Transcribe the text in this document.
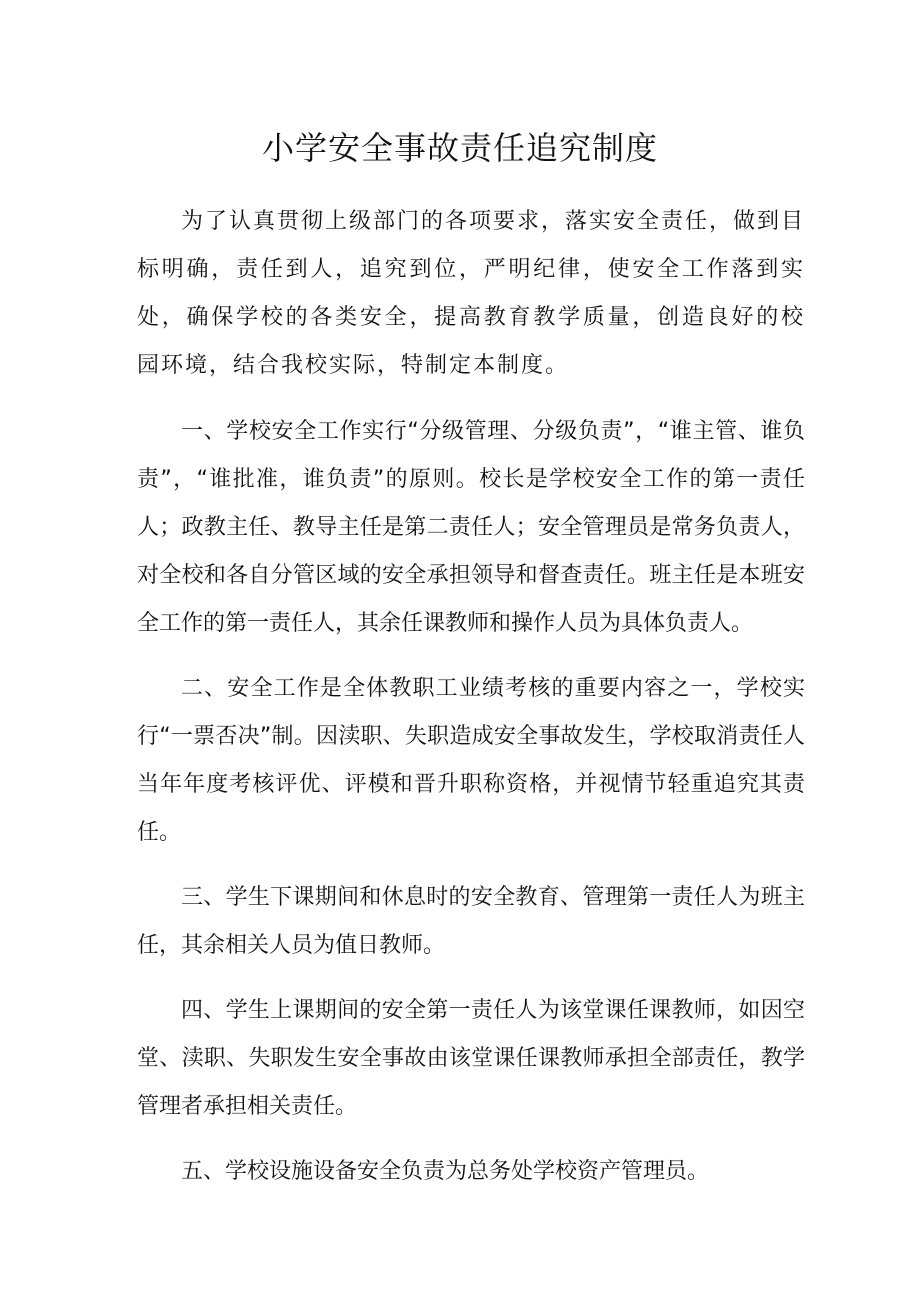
小学安全事故责任追究制度

为了认真贯彻上级部门的各项要求，落实安全责任，做到目标明确，责任到人，追究到位，严明纪律，使安全工作落到实处，确保学校的各类安全，提高教育教学质量，创造良好的校园环境，结合我校实际，特制定本制度。

一、学校安全工作实行“分级管理、分级负责”，“谁主管、谁负责”，“谁批准，谁负责”的原则。校长是学校安全工作的第一责任人；政教主任、教导主任是第二责任人；安全管理员是常务负责人，对全校和各自分管区域的安全承担领导和督查责任。班主任是本班安全工作的第一责任人，其余任课教师和操作人员为具体负责人。

二、安全工作是全体教职工业绩考核的重要内容之一，学校实行“一票否决”制。因渎职、失职造成安全事故发生，学校取消责任人当年年度考核评优、评模和晋升职称资格，并视情节轻重追究其责任。

三、学生下课期间和休息时的安全教育、管理第一责任人为班主任，其余相关人员为值日教师。

四、学生上课期间的安全第一责任人为该堂课任课教师，如因空堂、渎职、失职发生安全事故由该堂课任课教师承担全部责任，教学管理者承担相关责任。

五、学校设施设备安全负责为总务处学校资产管理员。
